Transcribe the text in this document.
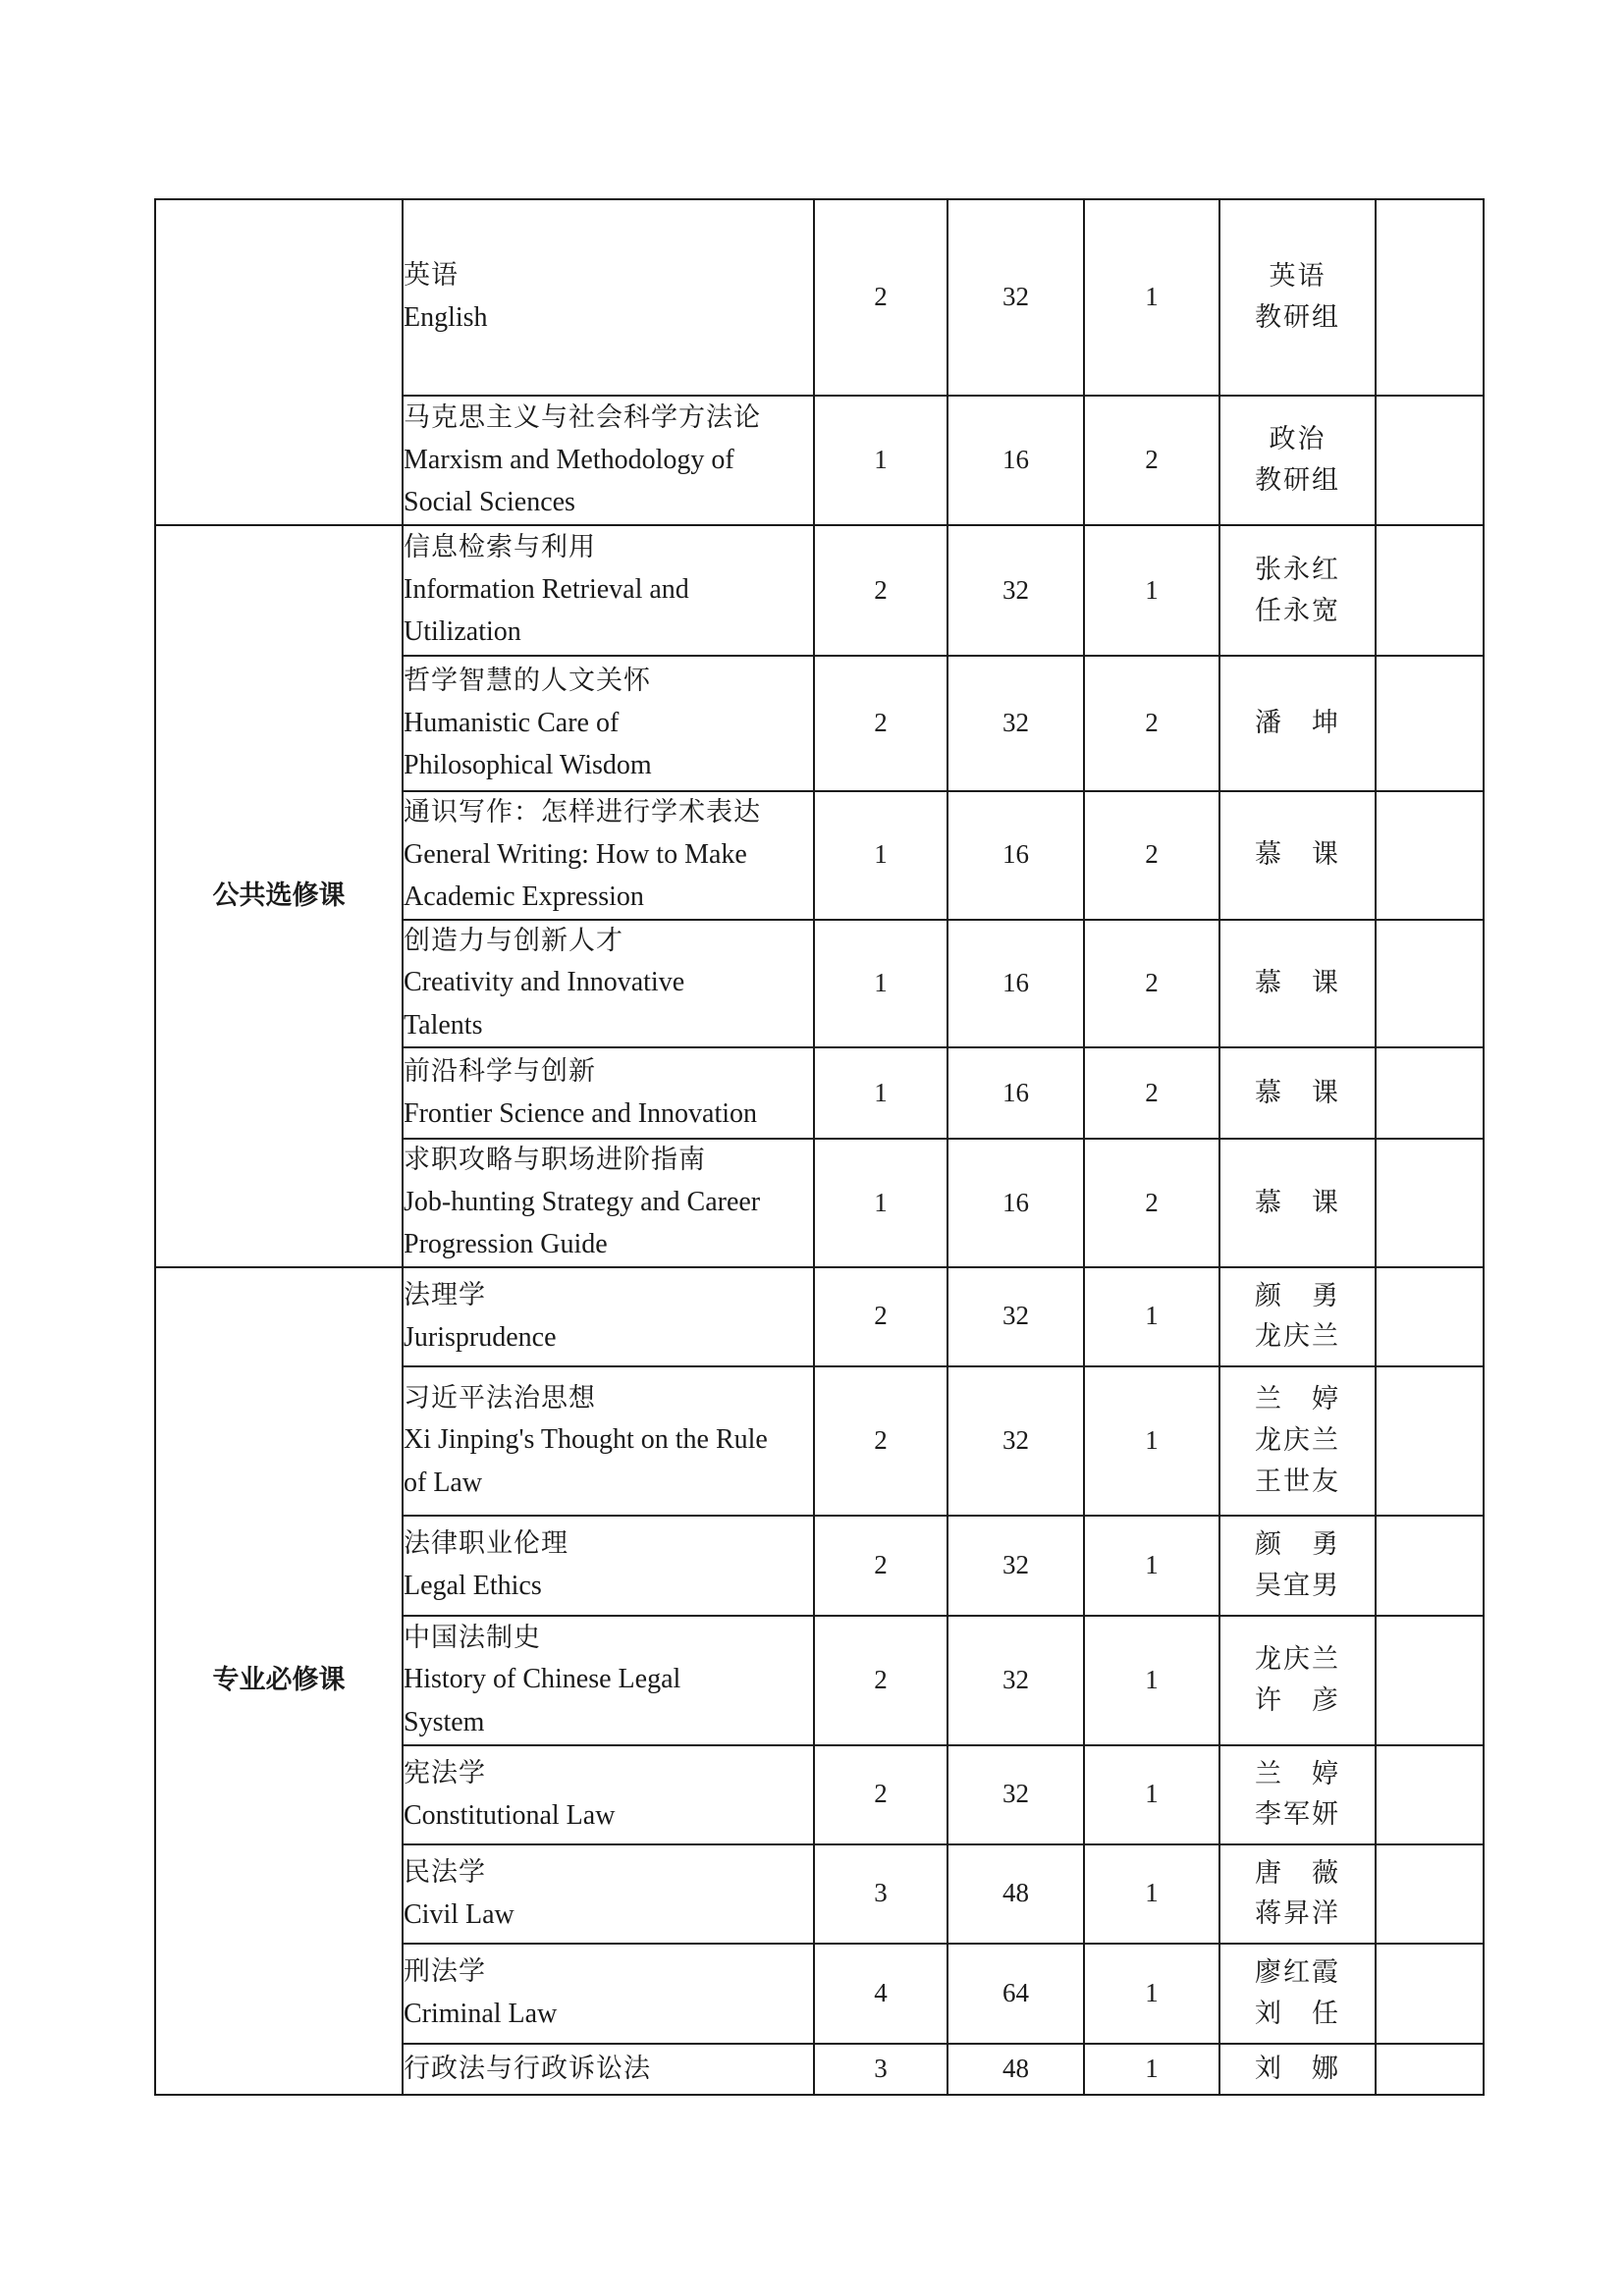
	英语
English	2	32	1	英语
教研组	

	马克思主义与社会科学方法论
Marxism and Methodology of
Social Sciences	1	16	2	政治
教研组	

公共选修课	信息检索与利用
Information Retrieval and
Utilization	2	32	1	张永红
任永宽	

	哲学智慧的人文关怀
Humanistic Care of
Philosophical Wisdom	2	32	2	潘　坤	

	通识写作：怎样进行学术表达
General Writing: How to Make
Academic Expression	1	16	2	慕　课	

	创造力与创新人才
Creativity and Innovative
Talents	1	16	2	慕　课	

	前沿科学与创新
Frontier Science and Innovation	1	16	2	慕　课	

	求职攻略与职场进阶指南
Job-hunting Strategy and Career
Progression Guide	1	16	2	慕　课	

专业必修课	法理学
Jurisprudence	2	32	1	颜　勇
龙庆兰	

	习近平法治思想
Xi Jinping's Thought on the Rule
of Law	2	32	1	兰　婷
龙庆兰
王世友	

	法律职业伦理
Legal Ethics	2	32	1	颜　勇
吴宜男	

	中国法制史
History of Chinese Legal
System	2	32	1	龙庆兰
许　彦	

	宪法学
Constitutional Law	2	32	1	兰　婷
李军妍	

	民法学
Civil Law	3	48	1	唐　薇
蒋昇洋	

	刑法学
Criminal Law	4	64	1	廖红霞
刘　任	

	行政法与行政诉讼法	3	48	1	刘　娜	
